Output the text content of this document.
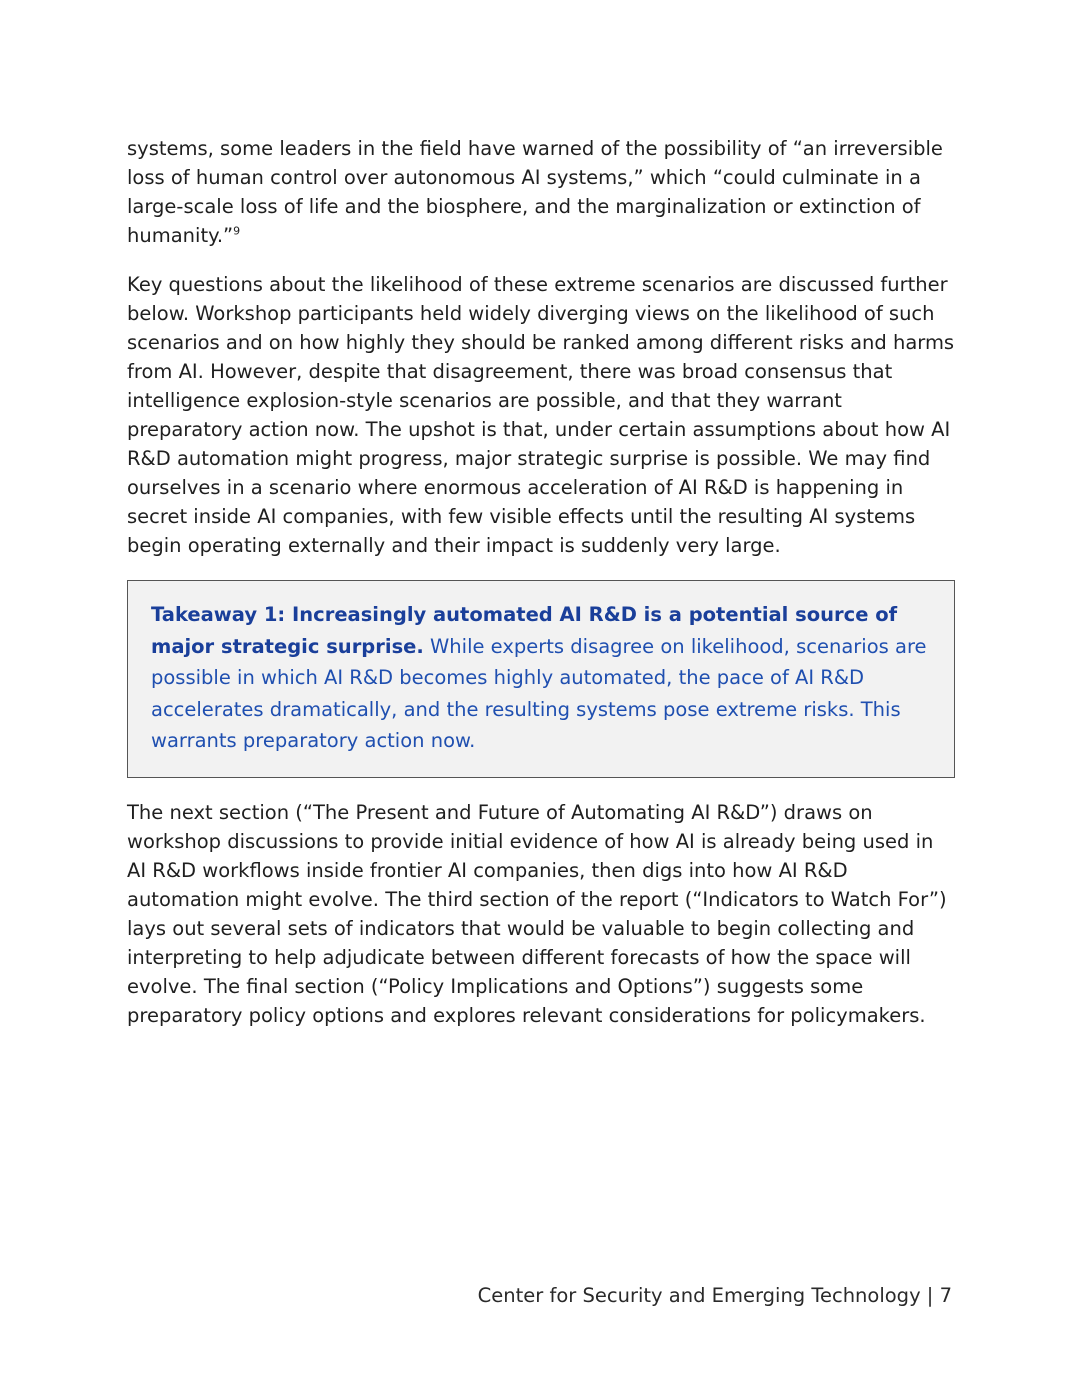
systems, some leaders in the field have warned of the possibility of “an irreversible loss of human control over autonomous AI systems,” which “could culminate in a large-scale loss of life and the biosphere, and the marginalization or extinction of humanity.”$^9$

Key questions about the likelihood of these extreme scenarios are discussed further below. Workshop participants held widely diverging views on the likelihood of such scenarios and on how highly they should be ranked among different risks and harms from AI. However, despite that disagreement, there was broad consensus that intelligence explosion-style scenarios are possible, and that they warrant preparatory action now. The upshot is that, under certain assumptions about how AI R&D automation might progress, major strategic surprise is possible. We may find ourselves in a scenario where enormous acceleration of AI R&D is happening in secret inside AI companies, with few visible effects until the resulting AI systems begin operating externally and their impact is suddenly very large.

Takeaway 1: Increasingly automated AI R&D is a potential source of major strategic surprise. While experts disagree on likelihood, scenarios are possible in which AI R&D becomes highly automated, the pace of AI R&D accelerates dramatically, and the resulting systems pose extreme risks. This warrants preparatory action now.

The next section (“The Present and Future of Automating AI R&D”) draws on workshop discussions to provide initial evidence of how AI is already being used in AI R&D workflows inside frontier AI companies, then digs into how AI R&D automation might evolve. The third section of the report (“Indicators to Watch For”) lays out several sets of indicators that would be valuable to begin collecting and interpreting to help adjudicate between different forecasts of how the space will evolve. The final section (“Policy Implications and Options”) suggests some preparatory policy options and explores relevant considerations for policymakers.

Center for Security and Emerging Technology | 7
